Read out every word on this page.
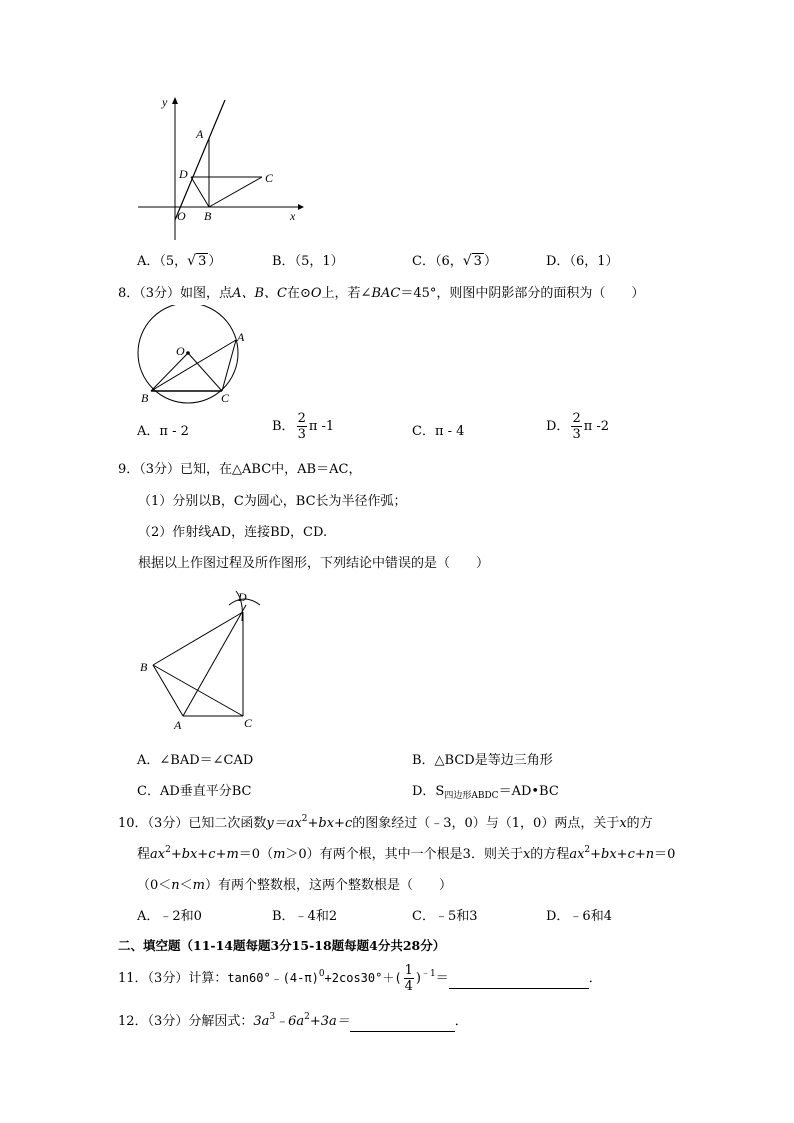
y
x
A
D	C
O B
A．（5，√ 3 ）	B．（5，1）	C．（6，√ 3 ）	D．（6，1）
8．（3分）如图，点A、B、C在⊙O上，若∠BAC＝45°，则图中阴影部分的面积为（　　）
O
A
B	C
A．π - 2	B． $\frac{2}{3}$ π -1	C．π - 4	D． $\frac{2}{3}$ π -2
9．（3分）已知，在△ABC中，AB＝AC，
（1）分别以B，C为圆心，BC长为半径作弧；
（2）作射线AD，连接BD，CD.
根据以上作图过程及所作图形，下列结论中错误的是（　　）
D
B
A	C
A．∠BAD＝∠CAD	B．△BCD是等边三角形
C．AD垂直平分BC	D．$S_{四边形ABDC}=AD•BC$
10．（3分）已知二次函数$y=ax^2+bx+c$的图象经过（﹣3，0）与（1，0）两点，关于x的方
程$ax^2+bx+c+m=0(m>0)$有两个根，其中一个根是3．则关于x的方程$ax^2+bx+c+n=0$
（0＜n＜m）有两个整数根，这两个整数根是（　　）
A．﹣2和0	B．﹣4和2	C．﹣5和3	D．﹣6和4
二、填空题（11-14题每题3分15-18题每题4分共28分）
11．（3分）计算：$\tan 60^\circ﹣(4-\pi)^0+2\cos 30^\circ+( \frac{1}{4} )^{﹣1}=$	．
12．（3分）分解因式：$3a^3﹣6a^2+3a=$	．
